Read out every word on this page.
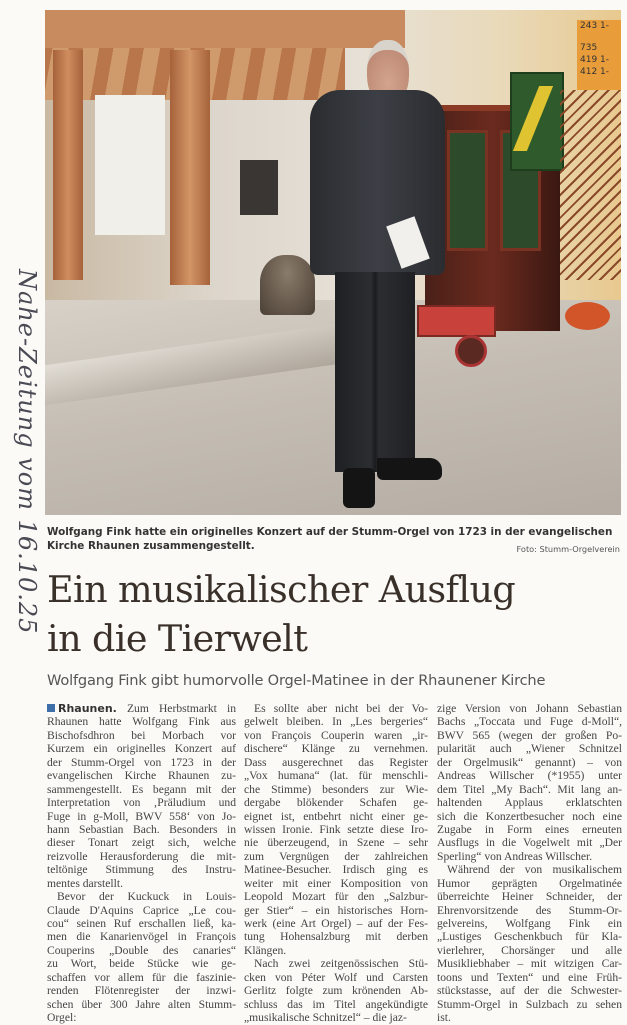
243 1-
735
419 1-
412 1-
Nahe-Zeitung vom 16.10.25 Wolfgang Fink hatte ein originelles Konzert auf der Stumm-Orgel von 1723 in der evangelischen Kirche Rhaunen zusammengestellt.	Foto: Stumm-Orgelverein
Ein musikalischer Ausflug
in die Tierwelt
Wolfgang Fink gibt humorvolle Orgel-Matinee in der Rhaunener Kirche
Rhaunen. Zum Herbstmarkt in
Rhaunen hatte Wolfgang Fink aus
Bischofsdhron bei Morbach vor
Kurzem ein originelles Konzert auf
der Stumm-Orgel von 1723 in der
evangelischen Kirche Rhaunen zu-
sammengestellt. Es begann mit der
Interpretation von ‚Präludium und
Fuge in g-Moll, BWV 558‘ von Jo-
hann Sebastian Bach. Besonders in
dieser Tonart zeigt sich, welche
reizvolle Herausforderung die mit-
teltönige Stimmung des Instru-
mentes darstellt.
Bevor der Kuckuck in Louis-
Claude D'Aquins Caprice „Le cou-
cou“ seinen Ruf erschallen ließ, ka-
men die Kanarienvögel in François
Couperins „Double des canaries“
zu Wort, beide Stücke wie ge-
schaffen vor allem für die faszinie-
renden Flötenregister der inzwi-
schen über 300 Jahre alten Stumm-
Orgel:
Es sollte aber nicht bei der Vo-
gelwelt bleiben. In „Les bergeries“
von François Couperin waren „ir-
dischere“ Klänge zu vernehmen.
Dass ausgerechnet das Register
„Vox humana“ (lat. für menschli-
che Stimme) besonders zur Wie-
dergabe blökender Schafen ge-
eignet ist, entbehrt nicht einer ge-
wissen Ironie. Fink setzte diese Iro-
nie überzeugend, in Szene – sehr
zum Vergnügen der zahlreichen
Matinee-Besucher. Irdisch ging es
weiter mit einer Komposition von
Leopold Mozart für den „Salzbur-
ger Stier“ – ein historisches Horn-
werk (eine Art Orgel) – auf der Fes-
tung Hohensalzburg mit derben
Klängen.
Nach zwei zeitgenössischen Stü-
cken von Péter Wolf und Carsten
Gerlitz folgte zum krönenden Ab-
schluss das im Titel angekündigte
„musikalische Schnitzel“ – die jaz-
zige Version von Johann Sebastian
Bachs „Toccata und Fuge d-Moll“,
BWV 565 (wegen der großen Po-
pularität auch „Wiener Schnitzel
der Orgelmusik“ genannt) – von
Andreas Willscher (*1955) unter
dem Titel „My Bach“. Mit lang an-
haltenden Applaus erklatschten
sich die Konzertbesucher noch eine
Zugabe in Form eines erneuten
Ausflugs in die Vogelwelt mit „Der
Sperling“ von Andreas Willscher.
Während der von musikalischem
Humor geprägten Orgelmatinée
überreichte Heiner Schneider, der
Ehrenvorsitzende des Stumm-Or-
gelvereins, Wolfgang Fink ein
„Lustiges Geschenkbuch für Kla-
vierlehrer, Chorsänger und alle
Musikliebhaber – mit witzigen Car-
toons und Texten“ und eine Früh-
stückstasse, auf der die Schwester-
Stumm-Orgel in Sulzbach zu sehen
ist.
